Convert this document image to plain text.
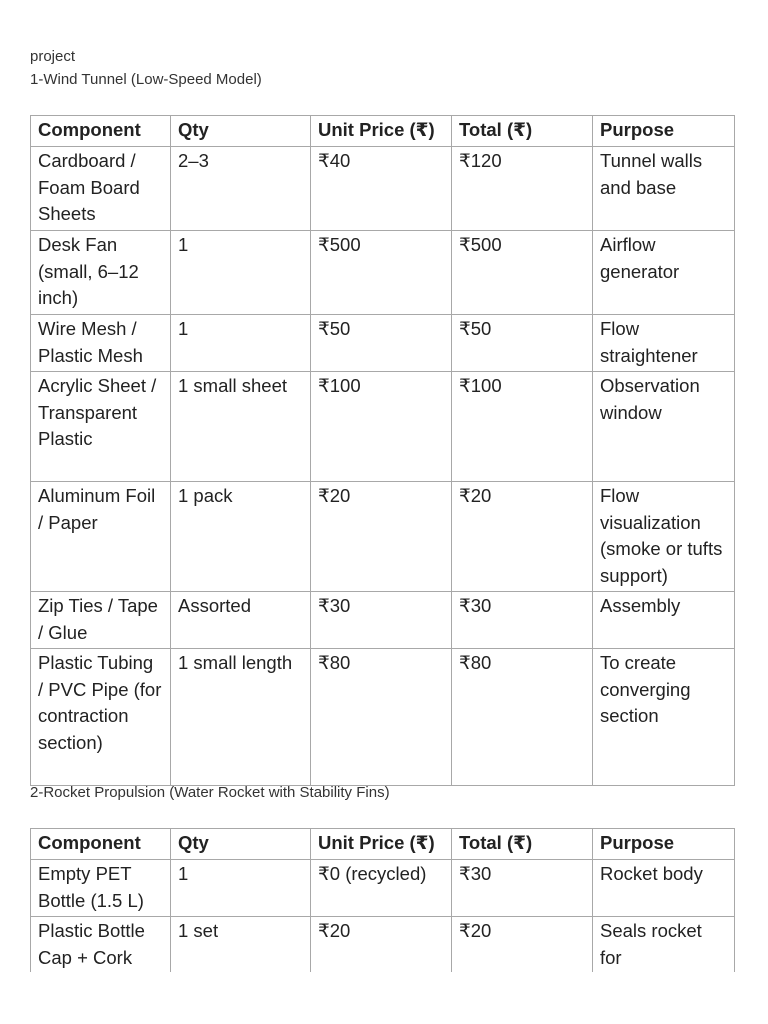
project

1-Wind Tunnel (Low-Speed Model)

Component	Qty	Unit Price (₹)	Total (₹)	Purpose
Cardboard / Foam Board Sheets	2–3	₹40	₹120	Tunnel walls and base
Desk Fan (small, 6–12 inch)	1	₹500	₹500	Airflow generator
Wire Mesh / Plastic Mesh	1	₹50	₹50	Flow straightener
Acrylic Sheet / Transparent Plastic	1 small sheet	₹100	₹100	Observation window
Aluminum Foil / Paper	1 pack	₹20	₹20	Flow visualization (smoke or tufts support)
Zip Ties / Tape / Glue	Assorted	₹30	₹30	Assembly
Plastic Tubing / PVC Pipe (for contraction section)	1 small length	₹80	₹80	To create converging section

2-Rocket Propulsion (Water Rocket with Stability Fins)

Component	Qty	Unit Price (₹)	Total (₹)	Purpose
Empty PET Bottle (1.5 L)	1	₹0 (recycled)	₹30	Rocket body
Plastic Bottle Cap + Cork	1 set	₹20	₹20	Seals rocket for
